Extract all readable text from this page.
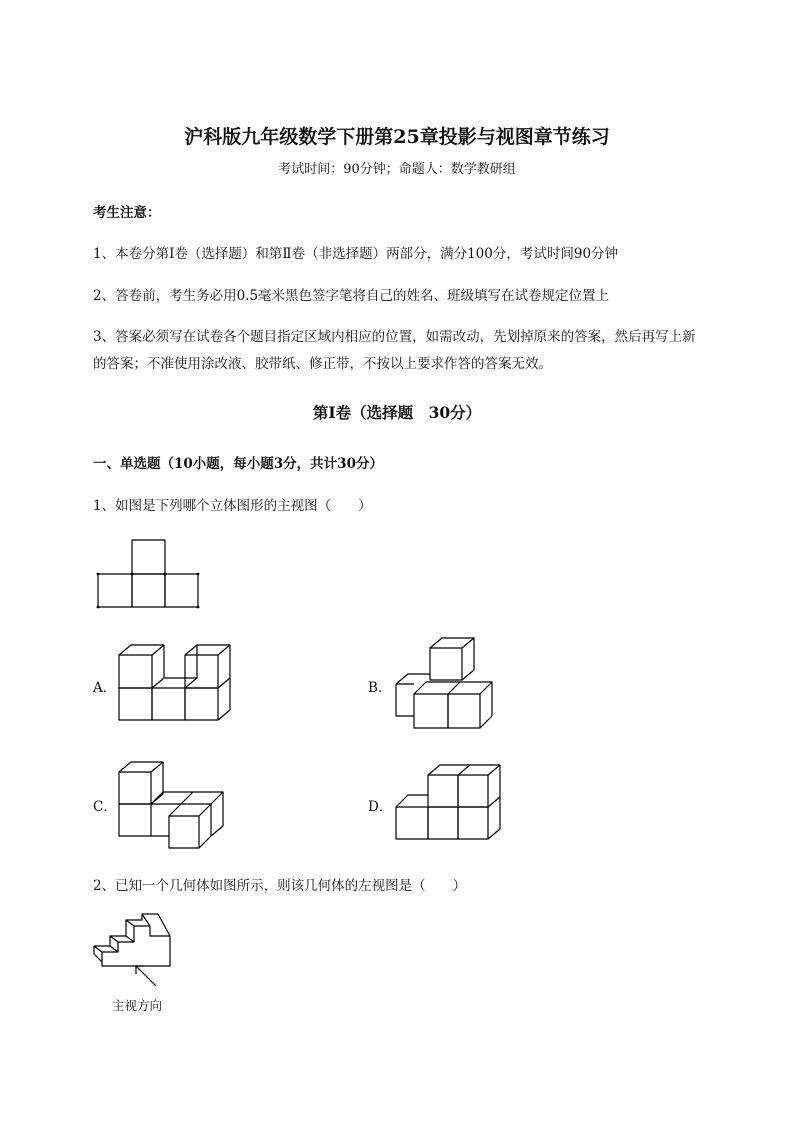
沪科版九年级数学下册第25章投影与视图章节练习
考试时间：90分钟；命题人：数学教研组
考生注意：
1、本卷分第I卷（选择题）和第Ⅱ卷（非选择题）两部分，满分100分，考试时间90分钟
2、答卷前，考生务必用0.5毫米黑色签字笔将自己的姓名、班级填写在试卷规定位置上
3、答案必须写在试卷各个题目指定区域内相应的位置，如需改动，先划掉原来的答案，然后再写上新
的答案；不准使用涂改液、胶带纸、修正带，不按以上要求作答的答案无效。
第I卷（选择题　30分）
一、单选题（10小题，每小题3分，共计30分）
1、如图是下列哪个立体图形的主视图（　　）
A．	B．
C．	D．
2、已知一个几何体如图所示，则该几何体的左视图是（　　）
主视方向
